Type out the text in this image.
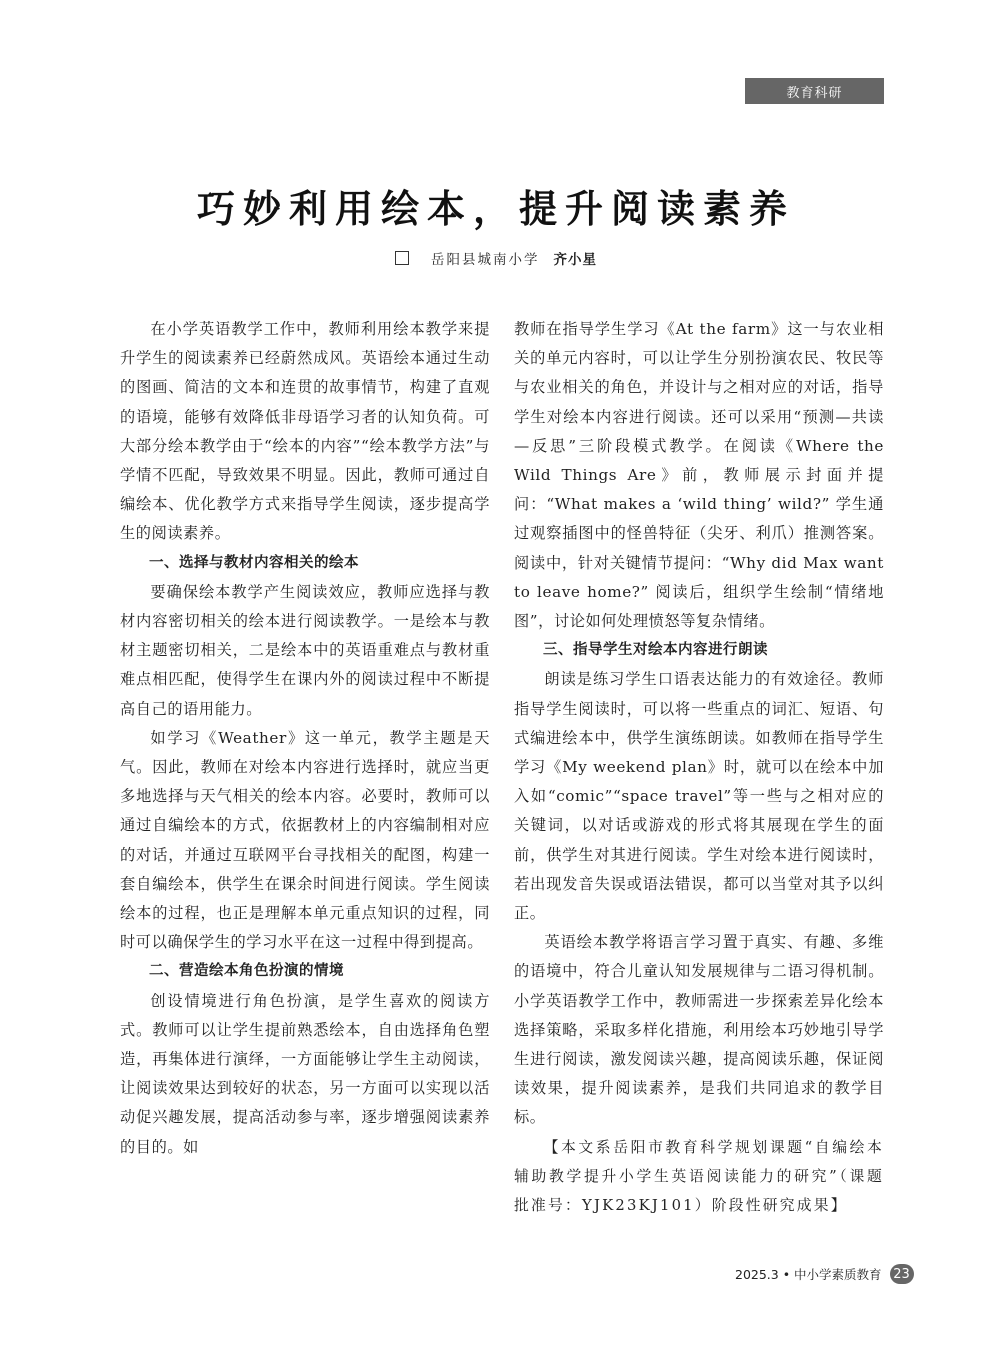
教育科研
巧妙利用绘本，提升阅读素养
岳阳县城南小学 齐小星

在小学英语教学工作中，教师利用绘本教学来提升学生的阅读素养已经蔚然成风。英语绘本通过生动的图画、简洁的文本和连贯的故事情节，构建了直观的语境，能够有效降低非母语学习者的认知负荷。可大部分绘本教学由于“绘本的内容”“绘本教学方法”与学情不匹配，导致效果不明显。因此，教师可通过自编绘本、优化教学方式来指导学生阅读，逐步提高学生的阅读素养。

一、选择与教材内容相关的绘本

要确保绘本教学产生阅读效应，教师应选择与教材内容密切相关的绘本进行阅读教学。一是绘本与教材主题密切相关，二是绘本中的英语重难点与教材重难点相匹配，使得学生在课内外的阅读过程中不断提高自己的语用能力。

如学习《Weather》这一单元，教学主题是天气。因此，教师在对绘本内容进行选择时，就应当更多地选择与天气相关的绘本内容。必要时，教师可以通过自编绘本的方式，依据教材上的内容编制相对应的对话，并通过互联网平台寻找相关的配图，构建一套自编绘本，供学生在课余时间进行阅读。学生阅读绘本的过程，也正是理解本单元重点知识的过程，同时可以确保学生的学习水平在这一过程中得到提高。

二、营造绘本角色扮演的情境

创设情境进行角色扮演，是学生喜欢的阅读方式。教师可以让学生提前熟悉绘本，自由选择角色塑造，再集体进行演绎，一方面能够让学生主动阅读，让阅读效果达到较好的状态，另一方面可以实现以活动促兴趣发展，提高活动参与率，逐步增强阅读素养的目的。如

教师在指导学生学习《At the farm》这一与农业相关的单元内容时，可以让学生分别扮演农民、牧民等与农业相关的角色，并设计与之相对应的对话，指导学生对绘本内容进行阅读。还可以采用“预测—共读—反思”三阶段模式教学。在阅读《Where the Wild Things Are》前，教师展示封面并提问：“What makes a ‘wild thing’ wild?” 学生通过观察插图中的怪兽特征（尖牙、利爪）推测答案。阅读中，针对关键情节提问：“Why did Max want to leave home?” 阅读后，组织学生绘制“情绪地图”，讨论如何处理愤怒等复杂情绪。

三、指导学生对绘本内容进行朗读

朗读是练习学生口语表达能力的有效途径。教师指导学生阅读时，可以将一些重点的词汇、短语、句式编进绘本中，供学生演练朗读。如教师在指导学生学习《My weekend plan》时，就可以在绘本中加入如“comic”“space travel”等一些与之相对应的关键词，以对话或游戏的形式将其展现在学生的面前，供学生对其进行阅读。学生对绘本进行阅读时，若出现发音失误或语法错误，都可以当堂对其予以纠正。

英语绘本教学将语言学习置于真实、有趣、多维的语境中，符合儿童认知发展规律与二语习得机制。小学英语教学工作中，教师需进一步探索差异化绘本选择策略，采取多样化措施，利用绘本巧妙地引导学生进行阅读，激发阅读兴趣，提高阅读乐趣，保证阅读效果，提升阅读素养，是我们共同追求的教学目标。

【本文系岳阳市教育科学规划课题“自编绘本辅助教学提升小学生英语阅读能力的研究”（课题批准号：YJK23KJ101）阶段性研究成果】

2025.3 • 中小学素质教育 23
